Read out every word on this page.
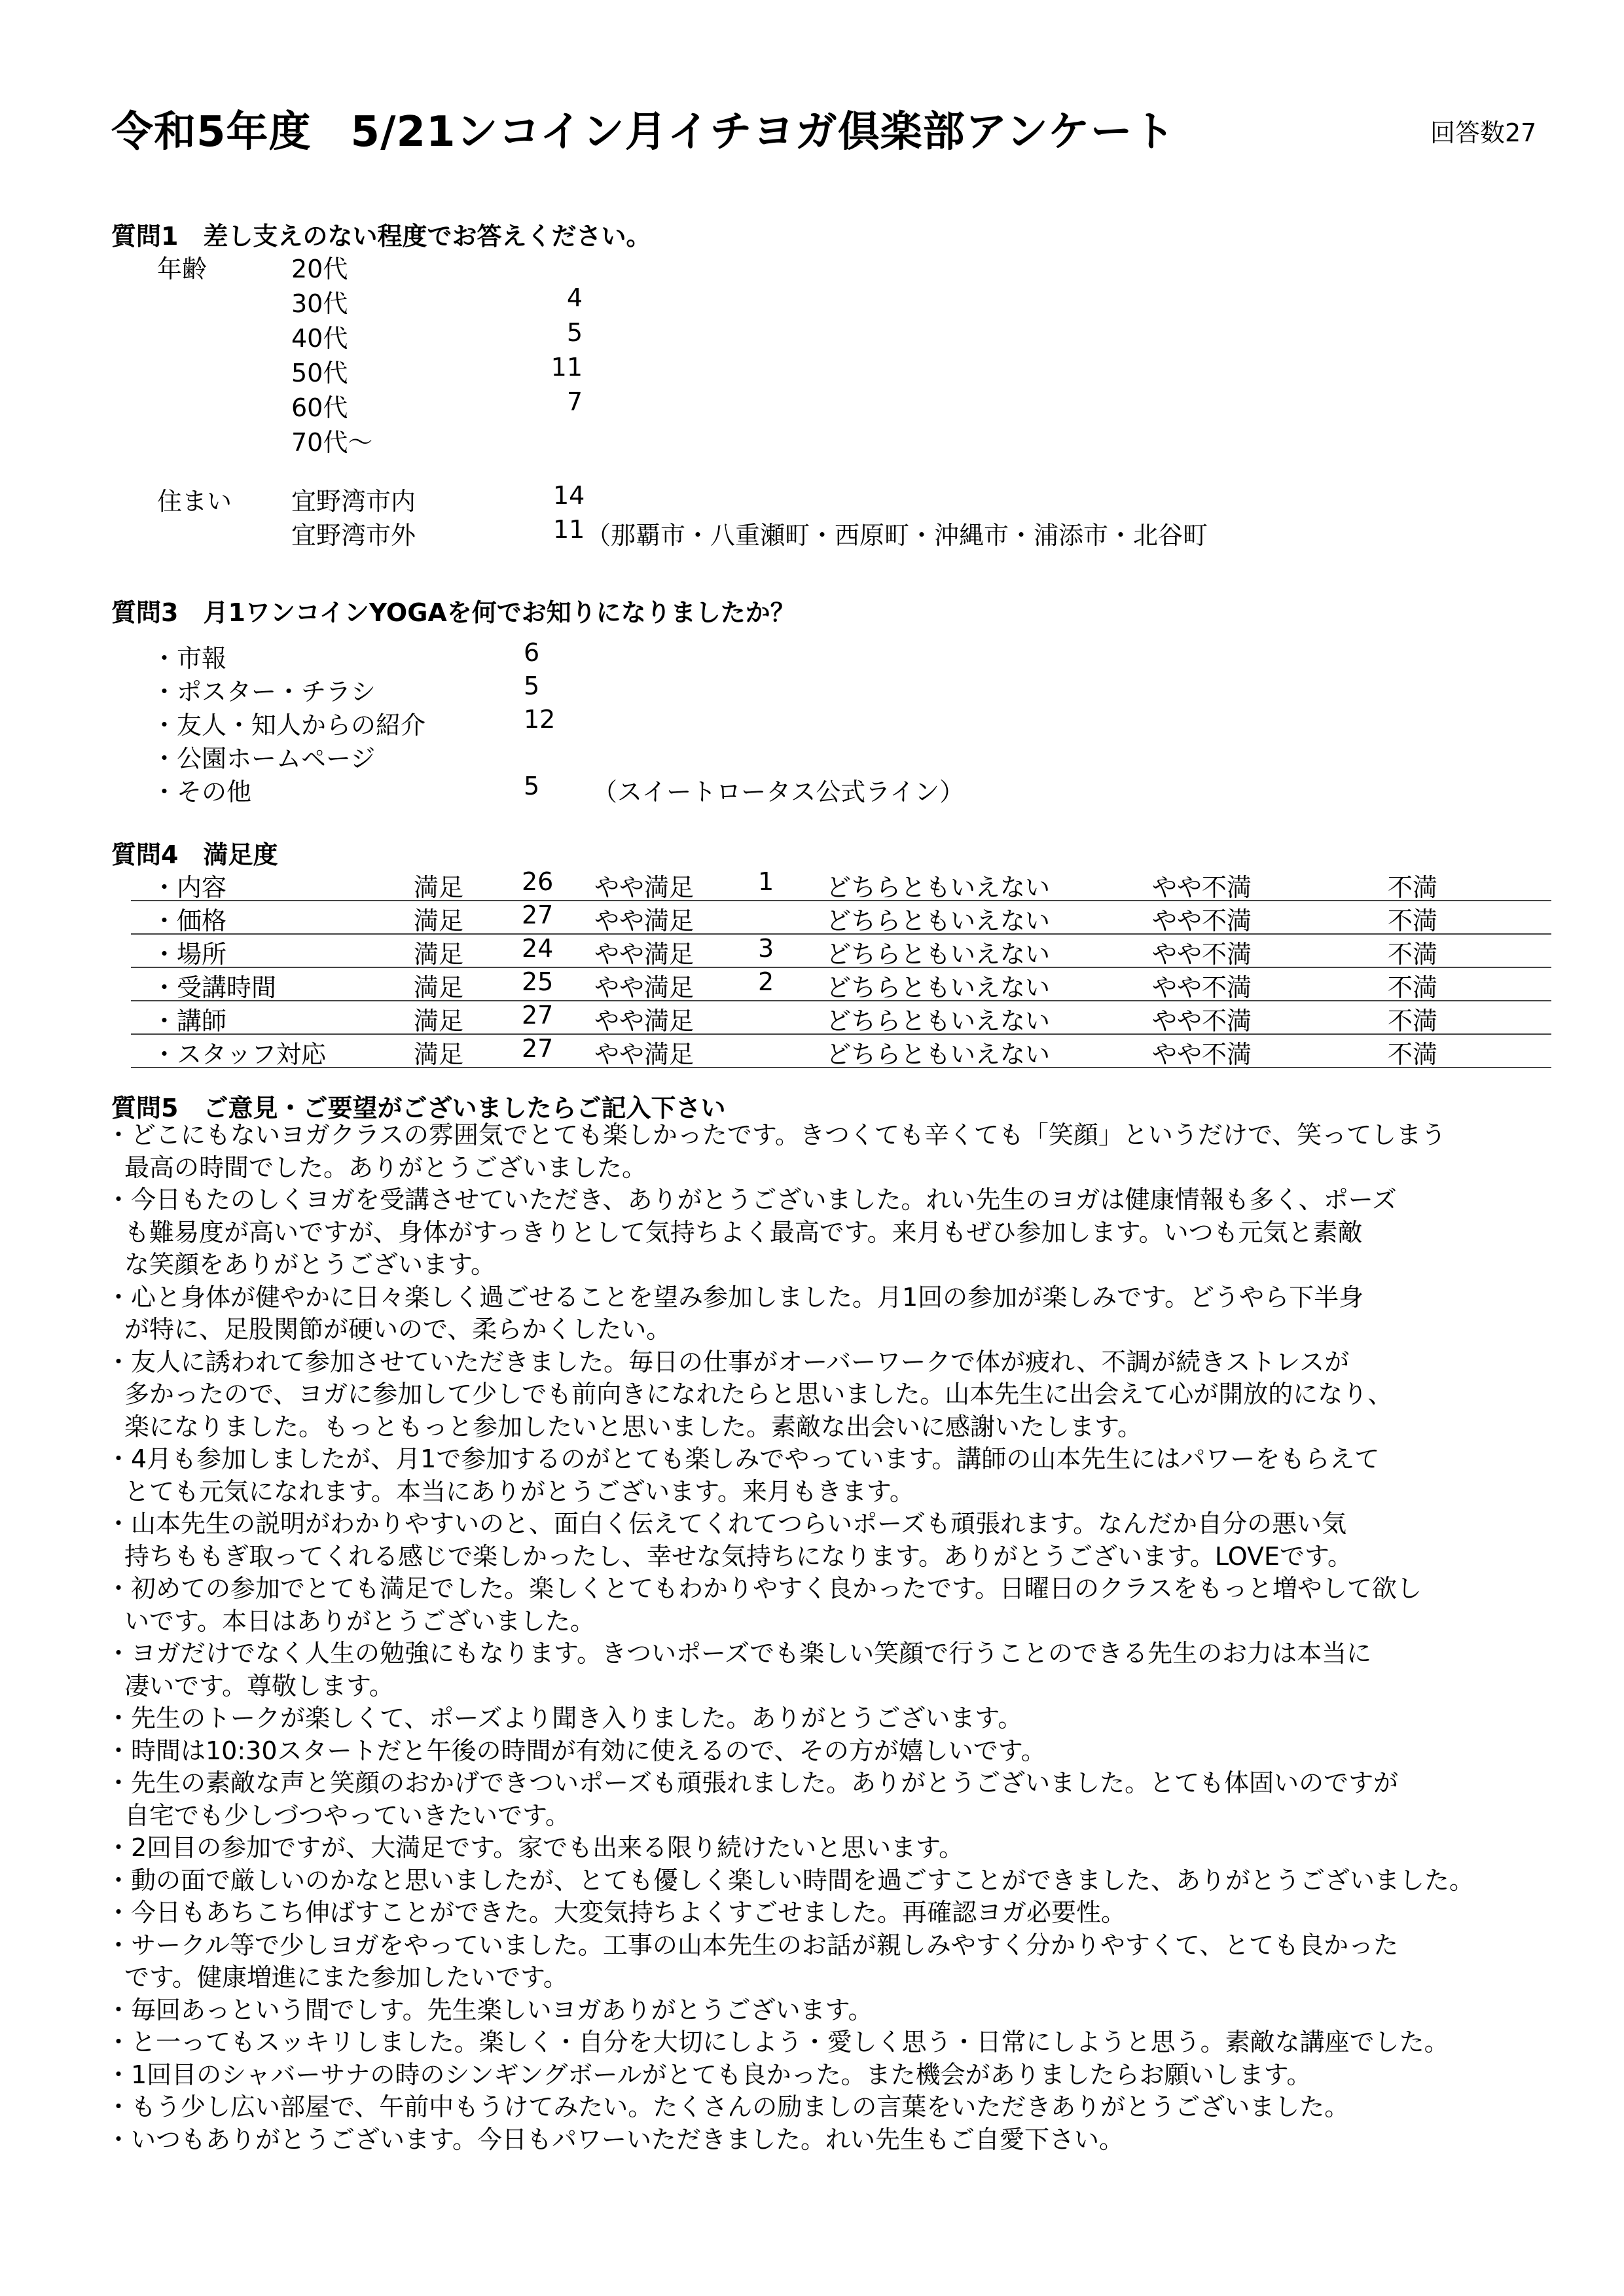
令和5年度 5/21ンコイン月イチヨガ倶楽部アンケート	回答数27
質問1　差し支えのない程度でお答えください。
年齢	20代
30代	4
40代	5
50代	11
60代	7
70代～
住まい 宜野湾市内	14
宜野湾市外	11 （那覇市・八重瀬町・西原町・沖縄市・浦添市・北谷町
質問3　月1ワンコインYOGAを何でお知りになりましたか？
・市報	6
・ポスター・チラシ	5
・友人・知人からの紹介	12
・公園ホームページ
・その他	5 （スイートロータス公式ライン）
質問4　満足度
・内容	満足 26 やや満足	1 どちらともいえない	やや不満	不満
・価格	満足 27 やや満足	どちらともいえない	やや不満	不満
・場所	満足 24 やや満足	3 どちらともいえない	やや不満	不満
・受講時間	満足 25 やや満足	2 どちらともいえない	やや不満	不満
・講師	満足 27 やや満足	どちらともいえない	やや不満	不満
・スタッフ対応	満足 27 やや満足	どちらともいえない	やや不満	不満
質問5　ご意見・ご要望がございましたらご記入下さい
・どこにもないヨガクラスの雰囲気でとても楽しかったです。きつくても辛くても「笑顔」というだけで、笑ってしまう
最高の時間でした。ありがとうございました。
・今日もたのしくヨガを受講させていただき、ありがとうございました。れい先生のヨガは健康情報も多く、ポーズ
も難易度が高いですが、身体がすっきりとして気持ちよく最高です。来月もぜひ参加します。いつも元気と素敵
な笑顔をありがとうございます。
・心と身体が健やかに日々楽しく過ごせることを望み参加しました。月1回の参加が楽しみです。どうやら下半身
が特に、足股関節が硬いので、柔らかくしたい。
・友人に誘われて参加させていただきました。毎日の仕事がオーバーワークで体が疲れ、不調が続きストレスが
多かったので、ヨガに参加して少しでも前向きになれたらと思いました。山本先生に出会えて心が開放的になり、
楽になりました。もっともっと参加したいと思いました。素敵な出会いに感謝いたします。
・4月も参加しましたが、月1で参加するのがとても楽しみでやっています。講師の山本先生にはパワーをもらえて
とても元気になれます。本当にありがとうございます。来月もきます。
・山本先生の説明がわかりやすいのと、面白く伝えてくれてつらいポーズも頑張れます。なんだか自分の悪い気
持ちももぎ取ってくれる感じで楽しかったし、幸せな気持ちになります。ありがとうございます。LOVEです。
・初めての参加でとても満足でした。楽しくとてもわかりやすく良かったです。日曜日のクラスをもっと増やして欲し
いです。本日はありがとうございました。
・ヨガだけでなく人生の勉強にもなります。きついポーズでも楽しい笑顔で行うことのできる先生のお力は本当に
凄いです。尊敬します。
・先生のトークが楽しくて、ポーズより聞き入りました。ありがとうございます。
・時間は10:30スタートだと午後の時間が有効に使えるので、その方が嬉しいです。
・先生の素敵な声と笑顔のおかげできついポーズも頑張れました。ありがとうございました。とても体固いのですが
自宅でも少しづつやっていきたいです。
・2回目の参加ですが、大満足です。家でも出来る限り続けたいと思います。
・動の面で厳しいのかなと思いましたが、とても優しく楽しい時間を過ごすことができました、ありがとうございました。
・今日もあちこち伸ばすことができた。大変気持ちよくすごせました。再確認ヨガ必要性。
・サークル等で少しヨガをやっていました。工事の山本先生のお話が親しみやすく分かりやすくて、とても良かった
です。健康増進にまた参加したいです。
・毎回あっという間でしす。先生楽しいヨガありがとうございます。
・と一ってもスッキリしました。楽しく・自分を大切にしよう・愛しく思う・日常にしようと思う。素敵な講座でした。
・1回目のシャバーサナの時のシンギングボールがとても良かった。また機会がありましたらお願いします。
・もう少し広い部屋で、午前中もうけてみたい。たくさんの励ましの言葉をいただきありがとうございました。
・いつもありがとうございます。今日もパワーいただきました。れい先生もご自愛下さい。
